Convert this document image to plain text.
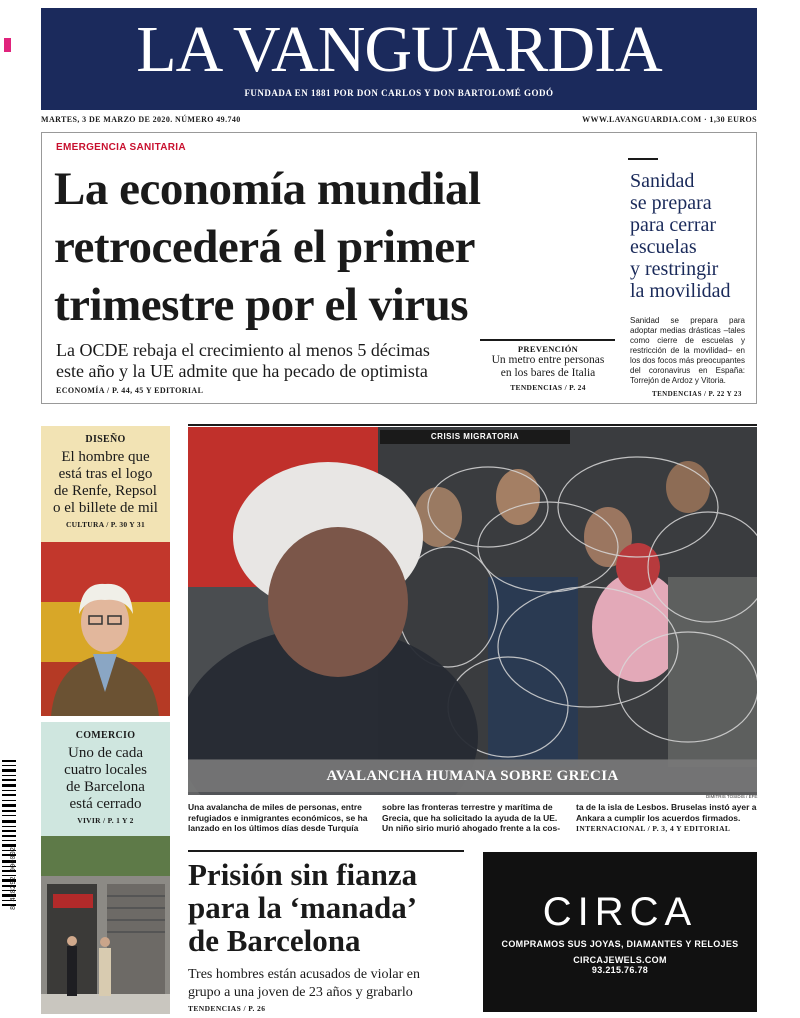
LA VANGUARDIA
FUNDADA EN 1881 POR DON CARLOS Y DON BARTOLOMÉ GODÓ
MARTES, 3 DE MARZO DE 2020. NÚMERO 49.740	WWW.LAVANGUARDIA.COM · 1,30 EUROS
EMERGENCIA SANITARIA
La economía mundial
retrocederá el primer
trimestre por el virus
La OCDE rebaja el crecimiento al menos 5 décimas
este año y la UE admite que ha pecado de optimista
ECONOMÍA / P. 44, 45 Y EDITORIAL
PREVENCIÓN
Un metro entre personas
en los bares de Italia
TENDENCIAS / P. 24
Sanidad
se prepara
para cerrar
escuelas
y restringir
la movilidad
Sanidad se prepara para adoptar medias drásticas –tales como cierre de escuelas y restricción de la movilidad– en los dos focos más preocupantes del coronavirus en España: Torrejón de Ardoz y Vitoria.
TENDENCIAS / P. 22 Y 23
DISEÑO
El hombre que
está tras el logo
de Renfe, Repsol
o el billete de mil
CULTURA / P. 30 Y 31
COMERCIO
Uno de cada
cuatro locales
de Barcelona
está cerrado
VIVIR / P. 1 Y 2
CRISIS MIGRATORIA
AVALANCHA HUMANA SOBRE GRECIA
DIMITRIS TOSIDIS / EFE
Una avalancha de miles de personas, entre refugiados e inmigrantes económicos, se ha lanzado en los últimos días desde Turquía
sobre las fronteras terrestre y marítima de Grecia, que ha solicitado la ayuda de la UE. Un niño sirio murió ahogado frente a la cos-
ta de la isla de Lesbos. Bruselas instó ayer a Ankara a cumplir los acuerdos firmados.
INTERNACIONAL / P. 3, 4 Y EDITORIAL
Prisión sin fianza
para la ‘manada’
de Barcelona
Tres hombres están acusados de violar en
grupo a una joven de 23 años y grabarlo
TENDENCIAS / P. 26
CIRCA
COMPRAMOS SUS JOYAS, DIAMANTES Y RELOJES
CIRCAJEWELS.COM
93.215.76.78
8 428292 000002
